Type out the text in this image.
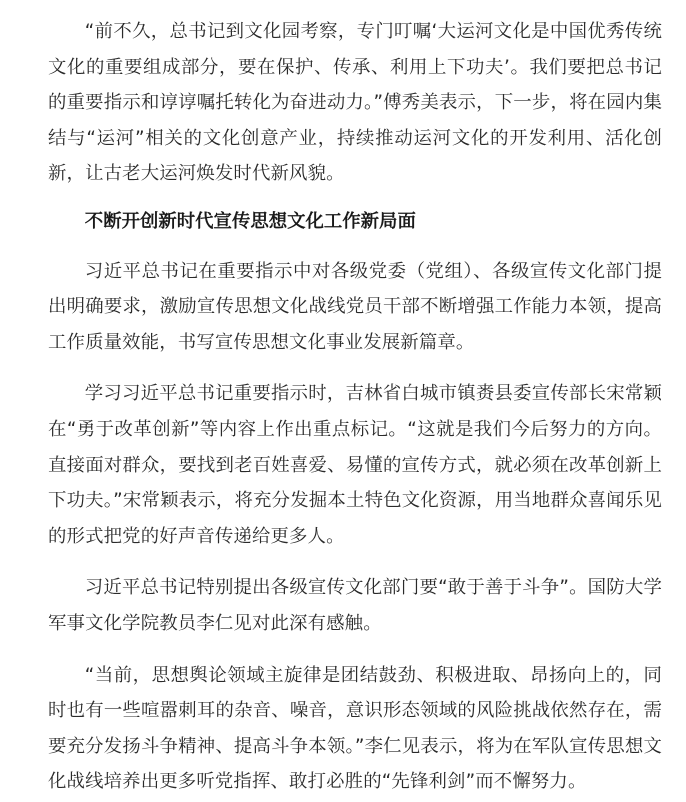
“前不久，总书记到文化园考察，专门叮嘱‘大运河文化是中国优秀传统文化的重要组成部分，要在保护、传承、利用上下功夫’。我们要把总书记的重要指示和谆谆嘱托转化为奋进动力。”傅秀美表示，下一步，将在园内集结与“运河”相关的文化创意产业，持续推动运河文化的开发利用、活化创新，让古老大运河焕发时代新风貌。

不断开创新时代宣传思想文化工作新局面

习近平总书记在重要指示中对各级党委（党组）、各级宣传文化部门提出明确要求，激励宣传思想文化战线党员干部不断增强工作能力本领，提高工作质量效能，书写宣传思想文化事业发展新篇章。

学习习近平总书记重要指示时，吉林省白城市镇赉县委宣传部长宋常颖在“勇于改革创新”等内容上作出重点标记。“这就是我们今后努力的方向。直接面对群众，要找到老百姓喜爱、易懂的宣传方式，就必须在改革创新上下功夫。”宋常颖表示，将充分发掘本土特色文化资源，用当地群众喜闻乐见的形式把党的好声音传递给更多人。

习近平总书记特别提出各级宣传文化部门要“敢于善于斗争”。国防大学军事文化学院教员李仁见对此深有感触。

“当前，思想舆论领域主旋律是团结鼓劲、积极进取、昂扬向上的，同时也有一些喧嚣刺耳的杂音、噪音，意识形态领域的风险挑战依然存在，需要充分发扬斗争精神、提高斗争本领。”李仁见表示，将为在军队宣传思想文化战线培养出更多听党指挥、敢打必胜的“先锋利剑”而不懈努力。
